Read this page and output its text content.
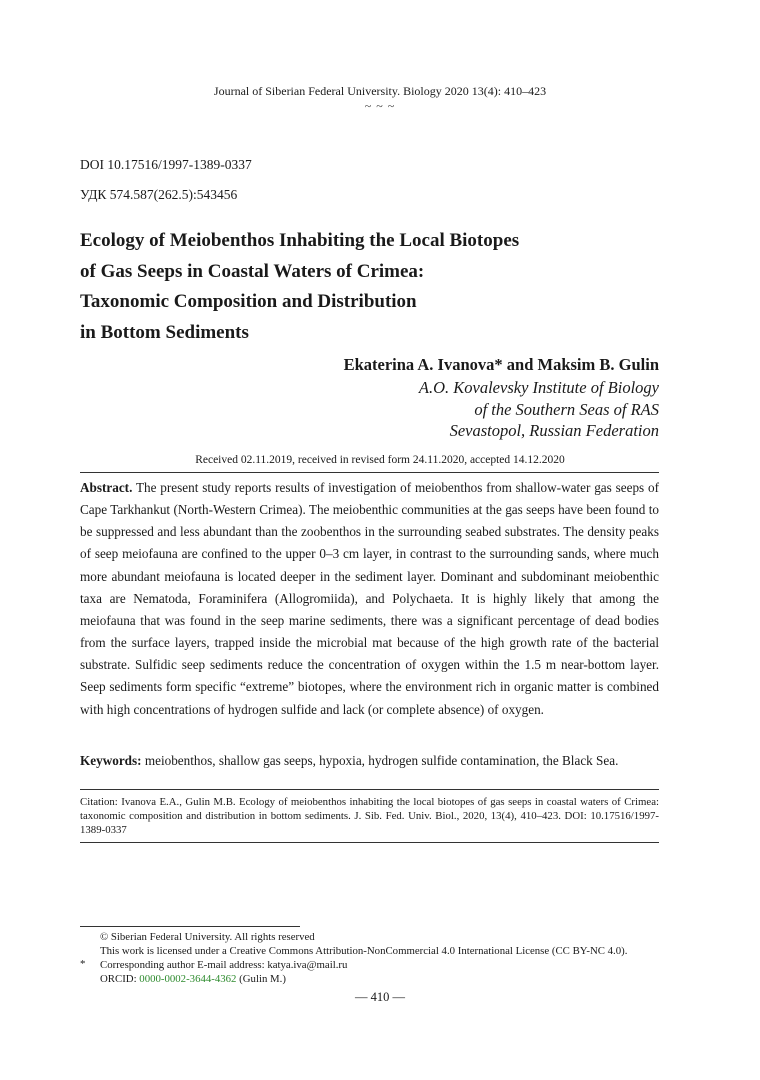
Journal of Siberian Federal University. Biology 2020 13(4): 410–423
~ ~ ~
DOI 10.17516/1997-1389-0337
УДК 574.587(262.5):543456
Ecology of Meiobenthos Inhabiting the Local Biotopes
of Gas Seeps in Coastal Waters of Crimea:
Taxonomic Composition and Distribution
in Bottom Sediments
Ekaterina A. Ivanova* and Maksim B. Gulin
A.O. Kovalevsky Institute of Biology
of the Southern Seas of RAS
Sevastopol, Russian Federation
Received 02.11.2019, received in revised form 24.11.2020, accepted 14.12.2020

Abstract. The present study reports results of investigation of meiobenthos from shallow-water gas seeps of Cape Tarkhankut (North-Western Crimea). The meiobenthic communities at the gas seeps have been found to be suppressed and less abundant than the zoobenthos in the surrounding seabed substrates. The density peaks of seep meiofauna are confined to the upper 0–3 cm layer, in contrast to the surrounding sands, where much more abundant meiofauna is located deeper in the sediment layer. Dominant and subdominant meiobenthic taxa are Nematoda, Foraminifera (Allogromiida), and Polychaeta. It is highly likely that among the meiofauna that was found in the seep marine sediments, there was a significant percentage of dead bodies from the surface layers, trapped inside the microbial mat because of the high growth rate of the bacterial substrate. Sulfidic seep sediments reduce the concentration of oxygen within the 1.5 m near-bottom layer. Seep sediments form specific “extreme” biotopes, where the environment rich in organic matter is combined with high concentrations of hydrogen sulfide and lack (or complete absence) of oxygen.

Keywords: meiobenthos, shallow gas seeps, hypoxia, hydrogen sulfide contamination, the Black Sea.

Citation: Ivanova E.A., Gulin M.B. Ecology of meiobenthos inhabiting the local biotopes of gas seeps in coastal waters of Crimea: taxonomic composition and distribution in bottom sediments. J. Sib. Fed. Univ. Biol., 2020, 13(4), 410–423. DOI: 10.17516/1997-1389-0337

© Siberian Federal University. All rights reserved
This work is licensed under a Creative Commons Attribution-NonCommercial 4.0 International License (CC BY-NC 4.0).
* Corresponding author E-mail address: katya.iva@mail.ru
ORCID: 0000-0002-3644-4362 (Gulin M.)
— 410 —
